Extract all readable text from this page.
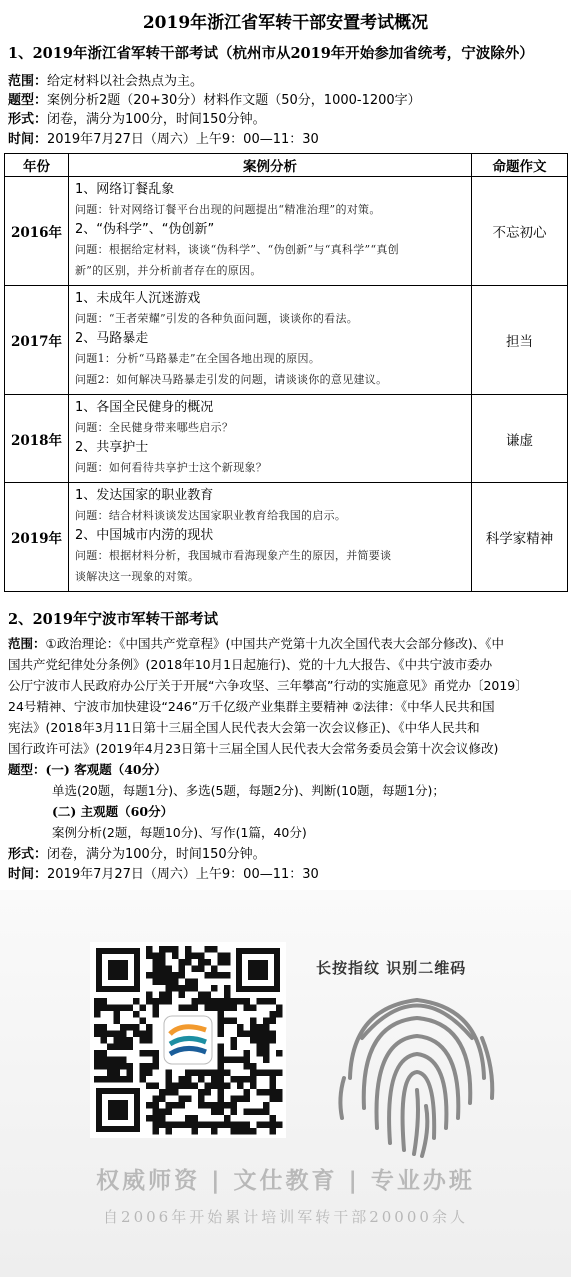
2019年浙江省军转干部安置考试概况
1、2019年浙江省军转干部考试（杭州市从2019年开始参加省统考，宁波除外）
范围：给定材料以社会热点为主。
题型：案例分析2题（20+30分）材料作文题（50分，1000-1200字）
形式：闭卷，满分为100分，时间150分钟。
时间：2019年7月27日（周六）上午9：00—11：30
年份	案例分析	命题作文
2016年	1、网络订餐乱象
问题：针对网络订餐平台出现的问题提出“精准治理”的对策。
2、“伪科学”、“伪创新”
问题：根据给定材料，谈谈“伪科学”、“伪创新”与“真科学”“真创
新”的区别，并分析前者存在的原因。	不忘初心
2017年	1、未成年人沉迷游戏
问题：“王者荣耀”引发的各种负面问题，谈谈你的看法。
2、马路暴走
问题1：分析“马路暴走”在全国各地出现的原因。
问题2：如何解决马路暴走引发的问题，请谈谈你的意见建议。	担当
2018年	1、各国全民健身的概况
问题：全民健身带来哪些启示？
2、共享护士
问题：如何看待共享护士这个新现象？	谦虚
2019年	1、发达国家的职业教育
问题：结合材料谈谈发达国家职业教育给我国的启示。
2、中国城市内涝的现状
问题：根据材料分析，我国城市看海现象产生的原因，并简要谈
谈解决这一现象的对策。	科学家精神
2、2019年宁波市军转干部考试
范围：①政治理论：《中国共产党章程》(中国共产党第十九次全国代表大会部分修改)、《中
国共产党纪律处分条例》(2018年10月1日起施行)、党的十九大报告、《中共宁波市委办
公厅宁波市人民政府办公厅关于开展“六争攻坚、三年攀高”行动的实施意见》甬党办〔2019〕
24号精神、宁波市加快建设“246”万千亿级产业集群主要精神 ②法律：《中华人民共和国
宪法》(2018年3月11日第十三届全国人民代表大会第一次会议修正)、《中华人民共和
国行政许可法》(2019年4月23日第十三届全国人民代表大会常务委员会第十次会议修改)
题型：(一) 客观题（40分）
单选(20题，每题1分)、多选(5题，每题2分)、判断(10题，每题1分)；
(二) 主观题（60分）
案例分析(2题，每题10分)、写作(1篇，40分)
形式：闭卷，满分为100分，时间150分钟。
时间：2019年7月27日（周六）上午9：00—11：30
长按指纹 识别二维码
权威师资 | 文仕教育 | 专业办班
自2006年开始累计培训军转干部20000余人
